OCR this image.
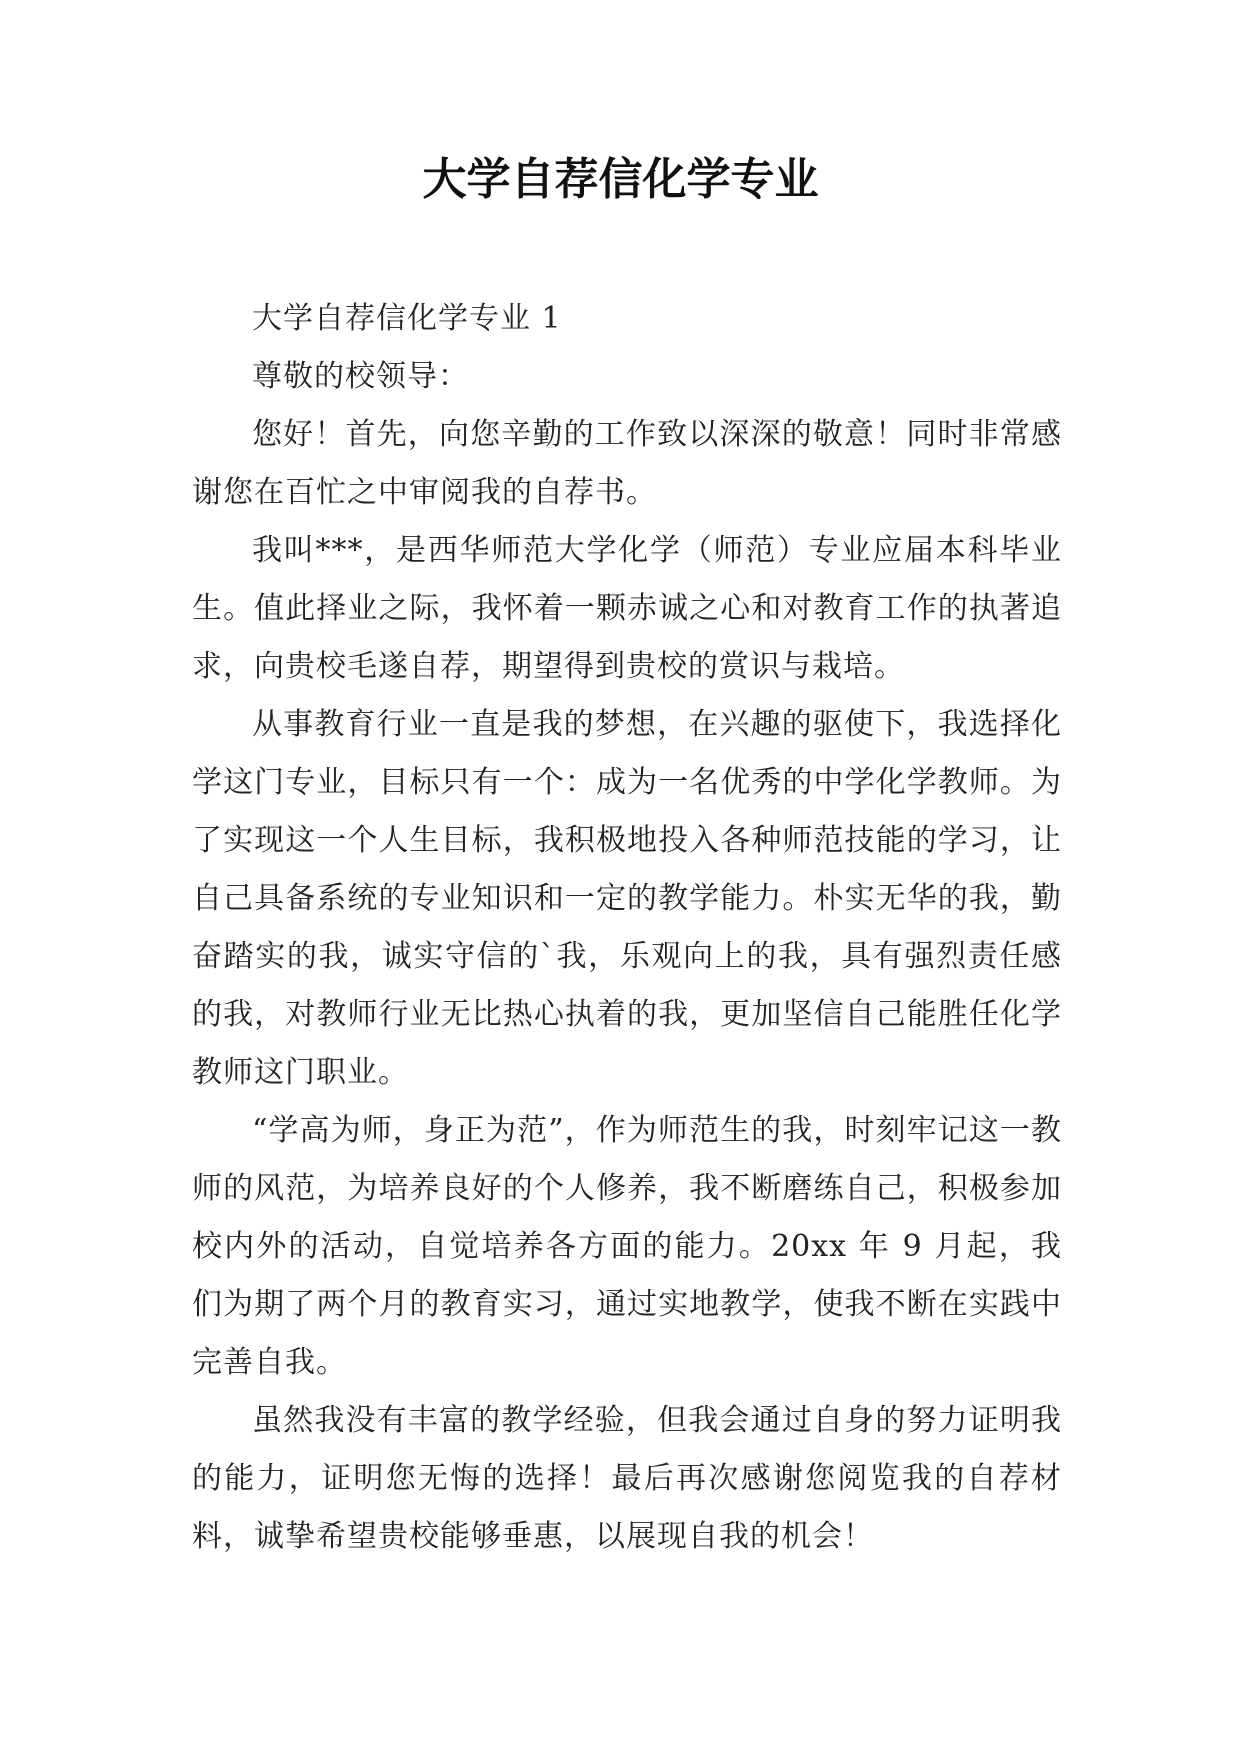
大学自荐信化学专业

大学自荐信化学专业 1

尊敬的校领导：

您好！首先，向您辛勤的工作致以深深的敬意！同时非常感谢您在百忙之中审阅我的自荐书。

我叫***，是西华师范大学化学（师范）专业应届本科毕业生。值此择业之际，我怀着一颗赤诚之心和对教育工作的执著追求，向贵校毛遂自荐，期望得到贵校的赏识与栽培。

从事教育行业一直是我的梦想，在兴趣的驱使下，我选择化学这门专业，目标只有一个：成为一名优秀的中学化学教师。为了实现这一个人生目标，我积极地投入各种师范技能的学习，让自己具备系统的专业知识和一定的教学能力。朴实无华的我，勤奋踏实的我，诚实守信的`我，乐观向上的我，具有强烈责任感的我，对教师行业无比热心执着的我，更加坚信自己能胜任化学教师这门职业。

“学高为师，身正为范”，作为师范生的我，时刻牢记这一教师的风范，为培养良好的个人修养，我不断磨练自己，积极参加校内外的活动，自觉培养各方面的能力。20xx 年 9 月起，我们为期了两个月的教育实习，通过实地教学，使我不断在实践中完善自我。

虽然我没有丰富的教学经验，但我会通过自身的努力证明我的能力，证明您无悔的选择！最后再次感谢您阅览我的自荐材料，诚挚希望贵校能够垂惠，以展现自我的机会！
